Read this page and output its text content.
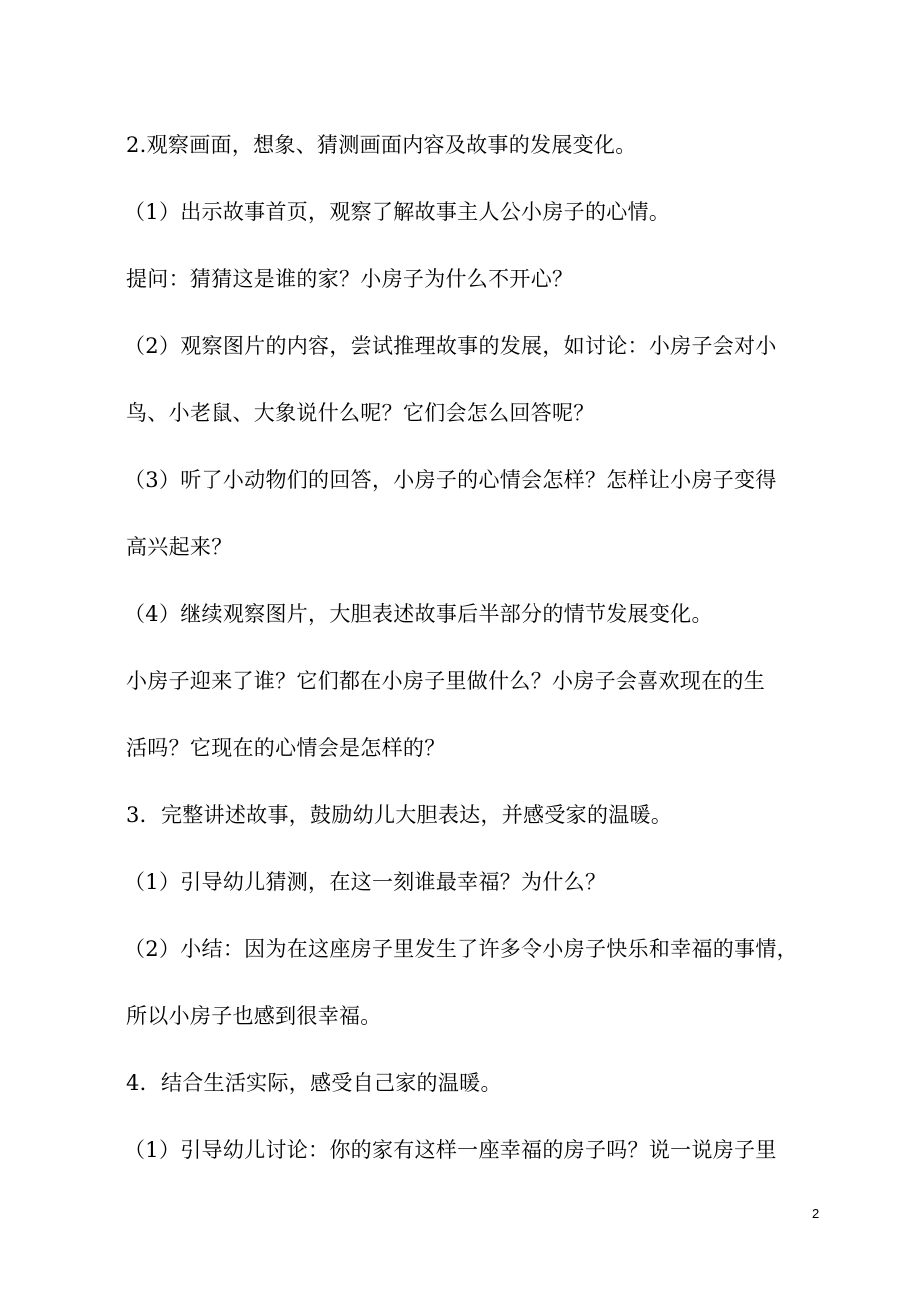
2.观察画面，想象、猜测画面内容及故事的发展变化。
（1）出示故事首页，观察了解故事主人公小房子的心情。
提问：猜猜这是谁的家？小房子为什么不开心？
（2）观察图片的内容，尝试推理故事的发展，如讨论：小房子会对小
鸟、小老鼠、大象说什么呢？它们会怎么回答呢？
（3）听了小动物们的回答，小房子的心情会怎样？怎样让小房子变得
高兴起来？
（4）继续观察图片，大胆表述故事后半部分的情节发展变化。
小房子迎来了谁？它们都在小房子里做什么？小房子会喜欢现在的生
活吗？它现在的心情会是怎样的？
3．完整讲述故事，鼓励幼儿大胆表达，并感受家的温暖。
（1）引导幼儿猜测，在这一刻谁最幸福？为什么？
（2）小结：因为在这座房子里发生了许多令小房子快乐和幸福的事情，
所以小房子也感到很幸福。
4．结合生活实际，感受自己家的温暖。
（1）引导幼儿讨论：你的家有这样一座幸福的房子吗？说一说房子里
2
